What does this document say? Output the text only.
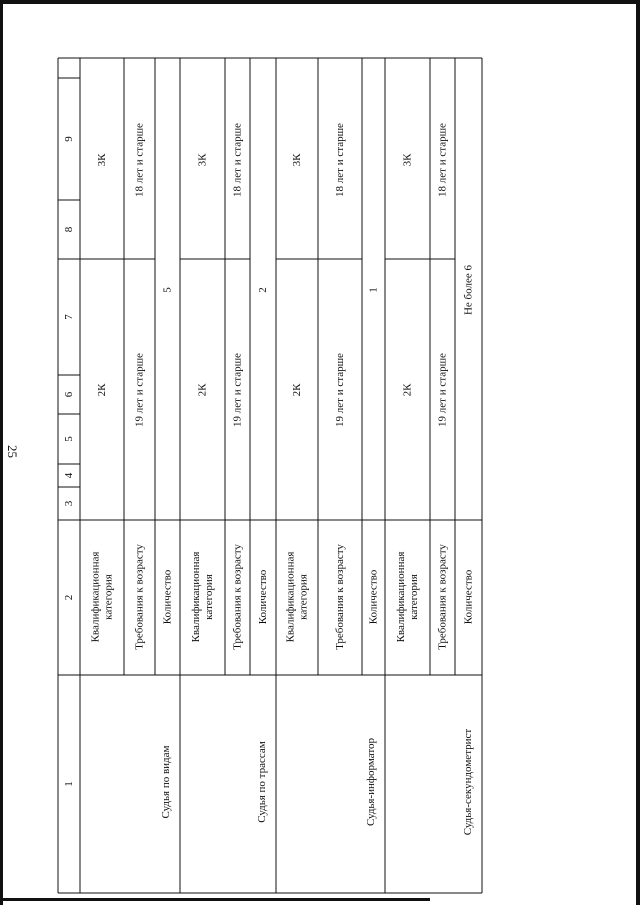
25
1
2
3
4
5
6
7
8
9
Судья по видам
Квалификационная категория
2К
3К
Требования к возрасту
19 лет и старше
18 лет и старше
Количество
5
Судья по трассам
Квалификационная категория
2К
3К
Требования к возрасту
19 лет и старше
18 лет и старше
Количество
2
Судья-информатор
Квалификационная категория
2К
3К
Требования к возрасту
19 лет и старше
18 лет и старше
Количество
1
Судья-секундометрист
Квалификационная категория
2К
3К
Требования к возрасту
19 лет и старше
18 лет и старше
Количество
Не более 6
